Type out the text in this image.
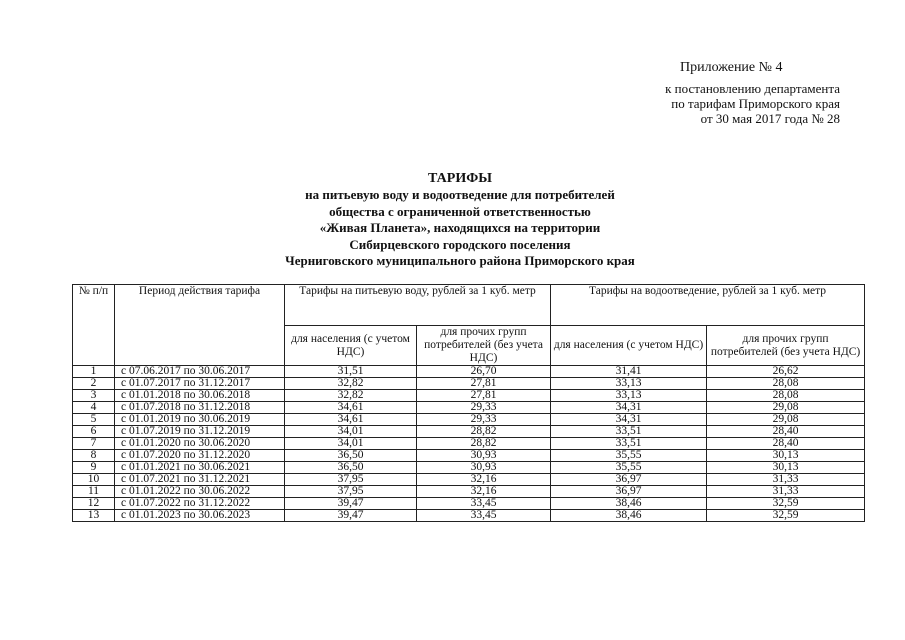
Приложение № 4
к постановлению департамента
по тарифам Приморского края
от 30 мая 2017 года № 28
ТАРИФЫ
на питьевую воду и водоотведение для потребителей
общества с ограниченной ответственностью
«Живая Планета», находящихся на территории
Сибирцевского городского поселения
Черниговского муниципального района Приморского края
№ п/п	Период действия тарифа	Тарифы на питьевую воду, рублей за 1 куб. метр		Тарифы на водоотведение, рублей за 1 куб. метр	
		для населения (с учетом НДС)	для прочих групп потребителей (без учета НДС)	для населения (с учетом НДС)	для прочих групп потребителей (без учета НДС)
1	с 07.06.2017 по 30.06.2017	31,51	26,70	31,41	26,62
2	с 01.07.2017 по 31.12.2017	32,82	27,81	33,13	28,08
3	с 01.01.2018 по 30.06.2018	32,82	27,81	33,13	28,08
4	с 01.07.2018 по 31.12.2018	34,61	29,33	34,31	29,08
5	с 01.01.2019 по 30.06.2019	34,61	29,33	34,31	29,08
6	с 01.07.2019 по 31.12.2019	34,01	28,82	33,51	28,40
7	с 01.01.2020 по 30.06.2020	34,01	28,82	33,51	28,40
8	с 01.07.2020 по 31.12.2020	36,50	30,93	35,55	30,13
9	с 01.01.2021 по 30.06.2021	36,50	30,93	35,55	30,13
10	с 01.07.2021 по 31.12.2021	37,95	32,16	36,97	31,33
11	с 01.01.2022 по 30.06.2022	37,95	32,16	36,97	31,33
12	с 01.07.2022 по 31.12.2022	39,47	33,45	38,46	32,59
13	с 01.01.2023 по 30.06.2023	39,47	33,45	38,46	32,59
